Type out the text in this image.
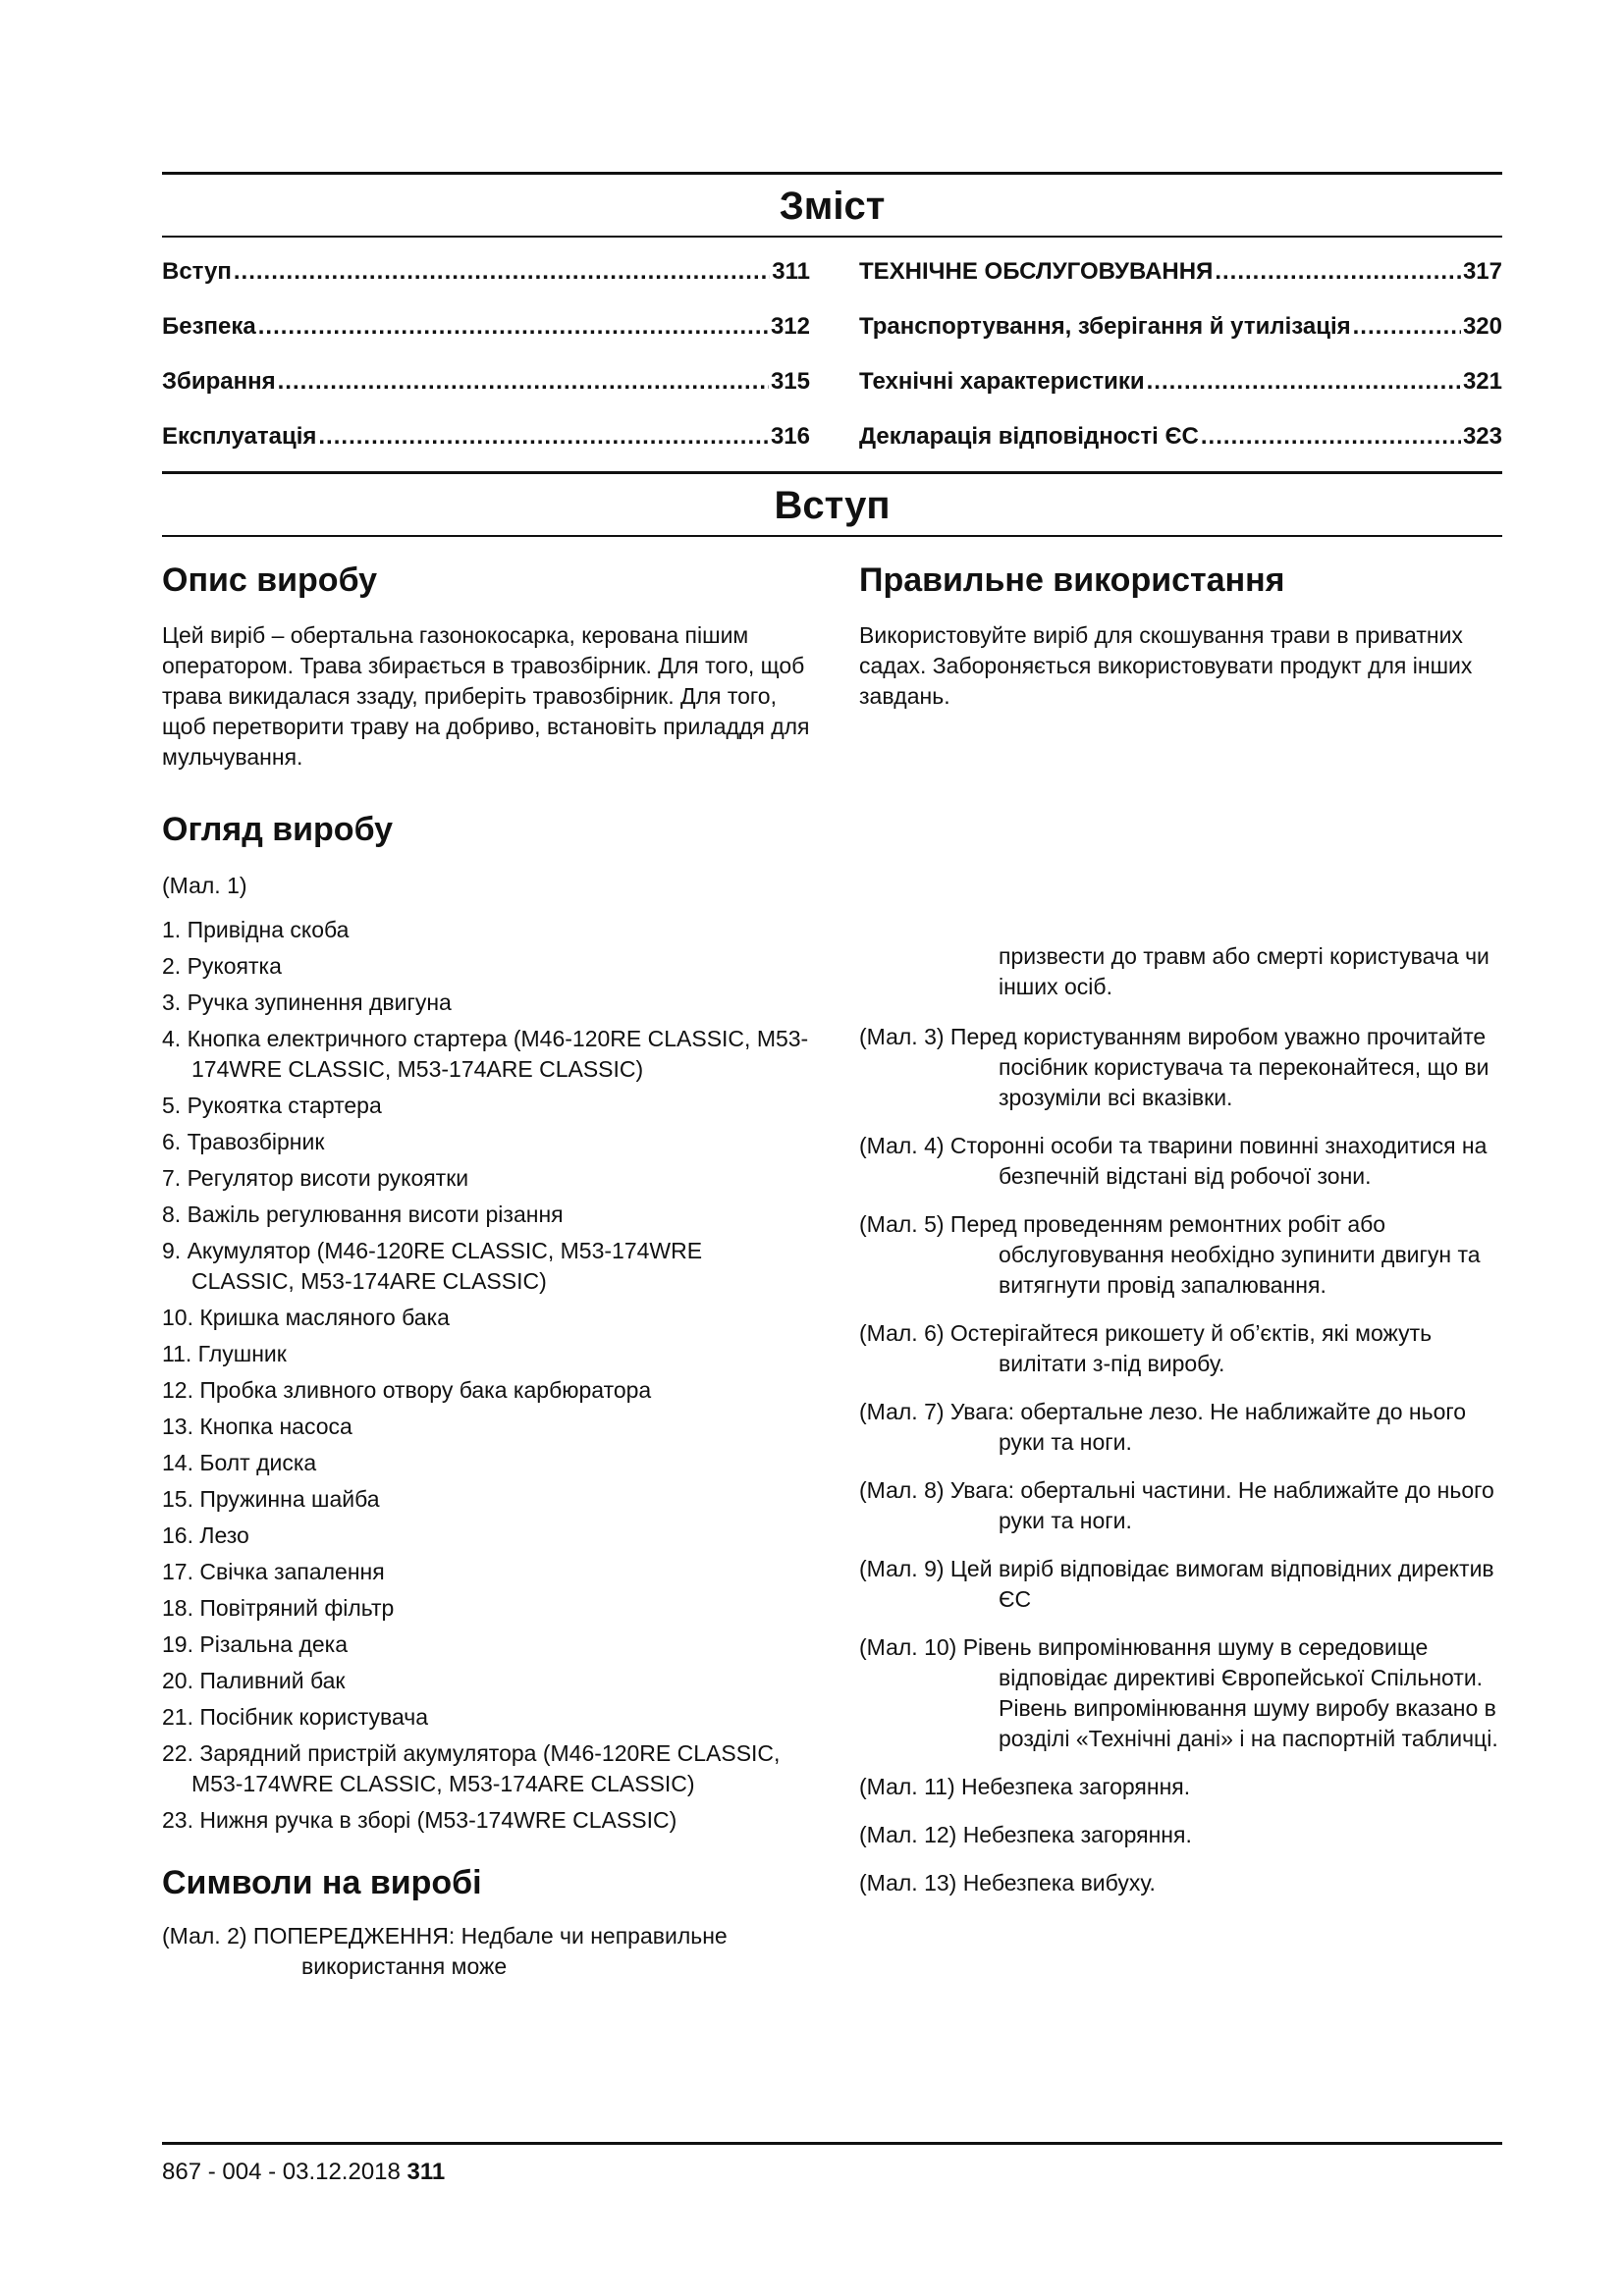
Зміст
Вступ .....	311
Безпека .....	312
Збирання .....	315
Експлуатація .....	316
ТЕХНІЧНЕ ОБСЛУГОВУВАННЯ .....	317
Транспортування, зберігання й утилізація .....	320
Технічні характеристики .....	321
Декларація відповідності ЄС .....	323
Вступ
Опис виробу

Цей виріб – обертальна газонокосарка, керована пішим оператором. Трава збирається в травозбірник. Для того, щоб трава викидалася ззаду, приберіть травозбірник. Для того, щоб перетворити траву на добриво, встановіть приладдя для мульчування.

Огляд виробу

(Мал. 1)

1. Привідна скоба
2. Рукоятка
3. Ручка зупинення двигуна
4. Кнопка електричного стартера (M46-120RE CLASSIC, M53-174WRE CLASSIC, M53-174ARE CLASSIC)
5. Рукоятка стартера
6. Травозбірник
7. Регулятор висоти рукоятки
8. Важіль регулювання висоти різання
9. Акумулятор (M46-120RE CLASSIC, M53-174WRE CLASSIC, M53-174ARE CLASSIC)
10. Кришка масляного бака
11. Глушник
12. Пробка зливного отвору бака карбюратора
13. Кнопка насоса
14. Болт диска
15. Пружинна шайба
16. Лезо
17. Свічка запалення
18. Повітряний фільтр
19. Різальна дека
20. Паливний бак
21. Посібник користувача
22. Зарядний пристрій акумулятора (M46-120RE CLASSIC, M53-174WRE CLASSIC, M53-174ARE CLASSIC)
23. Нижня ручка в зборі (M53-174WRE CLASSIC)
Символи на виробі

(Мал. 2) ПОПЕРЕДЖЕННЯ: Недбале чи неправильне використання може

Правильне використання

Використовуйте виріб для скошування трави в приватних садах. Забороняється використовувати продукт для інших завдань.

призвести до травм або смерті користувача чи інших осіб.
(Мал. 3) Перед користуванням виробом уважно прочитайте посібник користувача та переконайтеся, що ви зрозуміли всі вказівки.
(Мал. 4) Сторонні особи та тварини повинні знаходитися на безпечній відстані від робочої зони.
(Мал. 5) Перед проведенням ремонтних робіт або обслуговування необхідно зупинити двигун та витягнути провід запалювання.
(Мал. 6) Остерігайтеся рикошету й об’єктів, які можуть вилітати з-під виробу.
(Мал. 7) Увага: обертальне лезо. Не наближайте до нього руки та ноги.
(Мал. 8) Увага: обертальні частини. Не наближайте до нього руки та ноги.
(Мал. 9) Цей виріб відповідає вимогам відповідних директив ЄС
(Мал. 10) Рівень випромінювання шуму в середовище відповідає директиві Європейської Спільноти. Рівень випромінювання шуму виробу вказано в розділі «Технічні дані» і на паспортній табличці.
(Мал. 11) Небезпека загоряння.
(Мал. 12) Небезпека загоряння.
(Мал. 13) Небезпека вибуху.
867 - 004 - 03.12.2018 311
